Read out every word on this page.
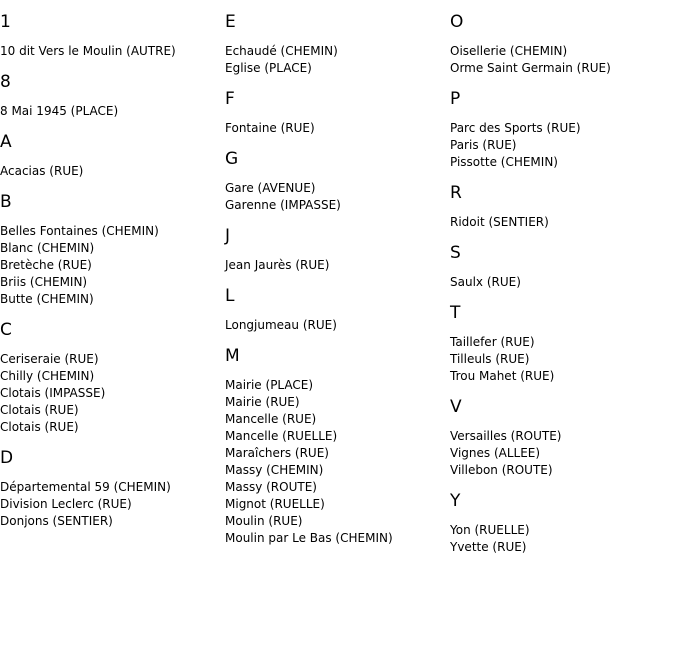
1
10 dit Vers le Moulin (AUTRE)
8
8 Mai 1945 (PLACE)
A
Acacias (RUE)
B
Belles Fontaines (CHEMIN)
Blanc (CHEMIN)
Bretèche (RUE)
Briis (CHEMIN)
Butte (CHEMIN)
C
Ceriseraie (RUE)
Chilly (CHEMIN)
Clotais (IMPASSE)
Clotais (RUE)
Clotais (RUE)
D
Départemental 59 (CHEMIN)
Division Leclerc (RUE)
Donjons (SENTIER)
E
Echaudé (CHEMIN)
Eglise (PLACE)
F
Fontaine (RUE)
G
Gare (AVENUE)
Garenne (IMPASSE)
J
Jean Jaurès (RUE)
L
Longjumeau (RUE)
M
Mairie (PLACE)
Mairie (RUE)
Mancelle (RUE)
Mancelle (RUELLE)
Maraîchers (RUE)
Massy (CHEMIN)
Massy (ROUTE)
Mignot (RUELLE)
Moulin (RUE)
Moulin par Le Bas (CHEMIN)
O
Oisellerie (CHEMIN)
Orme Saint Germain (RUE)
P
Parc des Sports (RUE)
Paris (RUE)
Pissotte (CHEMIN)
R
Ridoit (SENTIER)
S
Saulx (RUE)
T
Taillefer (RUE)
Tilleuls (RUE)
Trou Mahet (RUE)
V
Versailles (ROUTE)
Vignes (ALLEE)
Villebon (ROUTE)
Y
Yon (RUELLE)
Yvette (RUE)
